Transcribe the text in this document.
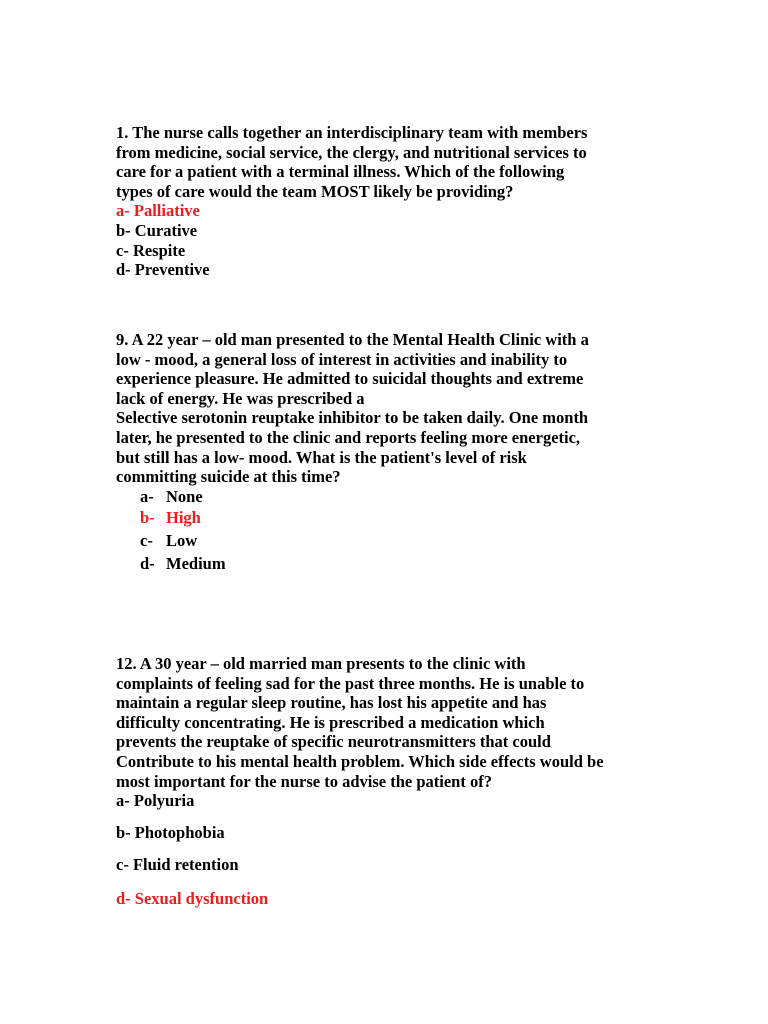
1. The nurse calls together an interdisciplinary team with members
from medicine, social service, the clergy, and nutritional services to
care for a patient with a terminal illness. Which of the following
types of care would the team MOST likely be providing?
a- Palliative
b- Curative
c- Respite
d- Preventive
9. A 22 year – old man presented to the Mental Health Clinic with a
low - mood, a general loss of interest in activities and inability to
experience pleasure. He admitted to suicidal thoughts and extreme
lack of energy. He was prescribed a
Selective serotonin reuptake inhibitor to be taken daily. One month
later, he presented to the clinic and reports feeling more energetic,
but still has a low- mood. What is the patient's level of risk
committing suicide at this time?
a- None
b- High
c- Low
d- Medium
12. A 30 year – old married man presents to the clinic with
complaints of feeling sad for the past three months. He is unable to
maintain a regular sleep routine, has lost his appetite and has
difficulty concentrating. He is prescribed a medication which
prevents the reuptake of specific neurotransmitters that could
Contribute to his mental health problem. Which side effects would be
most important for the nurse to advise the patient of?
a- Polyuria
b- Photophobia
c- Fluid retention
d- Sexual dysfunction
